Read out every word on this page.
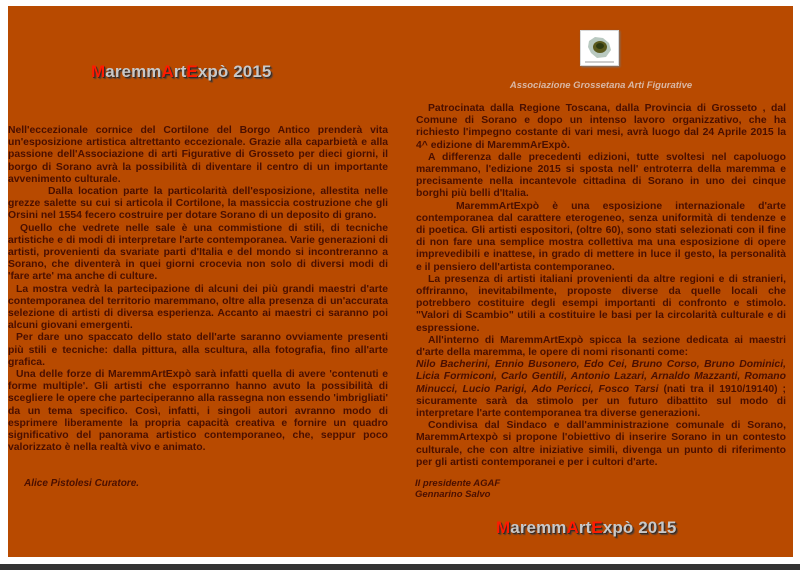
MaremmArtExpò 2015

Nell'eccezionale cornice del Cortilone del Borgo Antico prenderà vita un'esposizione artistica altrettanto eccezionale. Grazie alla caparbietà e alla passione dell'Associazione di arti Figurative di Grosseto per dieci giorni, il borgo di Sorano avrà la possibilità di diventare il centro di un importante avvenimento culturale.

Dalla location parte la particolarità dell'esposizione, allestita nelle grezze salette su cui si articola il Cortilone, la massiccia costruzione che gli Orsini nel 1554 fecero costruire per dotare Sorano di un deposito di grano.

Quello che vedrete nelle sale è una commistione di stili, di tecniche artistiche e di modi di interpretare l'arte contemporanea. Varie generazioni di artisti, provenienti da svariate parti d'Italia e del mondo si incontreranno a Sorano, che diventerà in quei giorni crocevia non solo di diversi modi di 'fare arte' ma anche di culture.

La mostra vedrà la partecipazione di alcuni dei più grandi maestri d'arte contemporanea del territorio maremmano, oltre alla presenza di un'accurata selezione di artisti di diversa esperienza. Accanto ai maestri ci saranno poi alcuni giovani emergenti.

Per dare uno spaccato dello stato dell'arte saranno ovviamente presenti più stili e tecniche: dalla pittura, alla scultura, alla fotografia, fino all'arte grafica.

Una delle forze di MaremmArtExpò sarà infatti quella di avere 'contenuti e forme multiple'. Gli artisti che esporranno hanno avuto la possibilità di scegliere le opere che parteciperanno alla rassegna non essendo 'imbrigliati' da un tema specifico. Così, infatti, i singoli autori avranno modo di esprimere liberamente la propria capacità creativa e fornire un quadro significativo del panorama artistico contemporaneo, che, seppur poco valorizzato è nella realtà vivo e animato.

Alice Pistolesi Curatore.
Associazione Grossetana Arti Figurative

Patrocinata dalla Regione Toscana, dalla Provincia di Grosseto , dal Comune di Sorano e dopo un intenso lavoro organizzativo, che ha richiesto l'impegno costante di vari mesi, avrà luogo dal 24 Aprile 2015 la 4^ edizione di MaremmArExpò.

A differenza dalle precedenti edizioni, tutte svoltesi nel capoluogo maremmano, l'edizione 2015 si sposta nell' entroterra della maremma e precisamente nella incantevole cittadina di Sorano in uno dei cinque borghi più belli d'Italia.

MaremmArtExpò è una esposizione internazionale d'arte contemporanea dal carattere eterogeneo, senza uniformità di tendenze e di poetica. Gli artisti espositori, (oltre 60), sono stati selezionati con il fine di non fare una semplice mostra collettiva ma una esposizione di opere imprevedibili e inattese, in grado di mettere in luce il gesto, la personalità e il pensiero dell'artista contemporaneo.

La presenza di artisti italiani provenienti da altre regioni e di stranieri, offriranno, inevitabilmente, proposte diverse da quelle locali che potrebbero costituire degli esempi importanti di confronto e stimolo. "Valori di Scambio" utili a costituire le basi per la circolarità culturale e di espressione.

All'interno di MaremmArtExpò spicca la sezione dedicata ai maestri d'arte della maremma, le opere di nomi risonanti come:

Nilo Bacherini, Ennio Busonero, Edo Cei, Bruno Corso, Bruno Dominici, Licia Formiconi, Carlo Gentili, Antonio Lazari, Arnaldo Mazzanti, Romano Minucci, Lucio Parigi, Ado Pericci, Fosco Tarsi (nati tra il 1910/19140) ; sicuramente sarà da stimolo per un futuro dibattito sul modo di interpretare l'arte contemporanea tra diverse generazioni.

Condivisa dal Sindaco e dall'amministrazione comunale di Sorano, MaremmArtexpò si propone l'obiettivo di inserire Sorano in un contesto culturale, che con altre iniziative simili, divenga un punto di riferimento per gli artisti contemporanei e per i cultori d'arte.

Il presidente AGAF
Gennarino Salvo
MaremmArtExpò 2015
